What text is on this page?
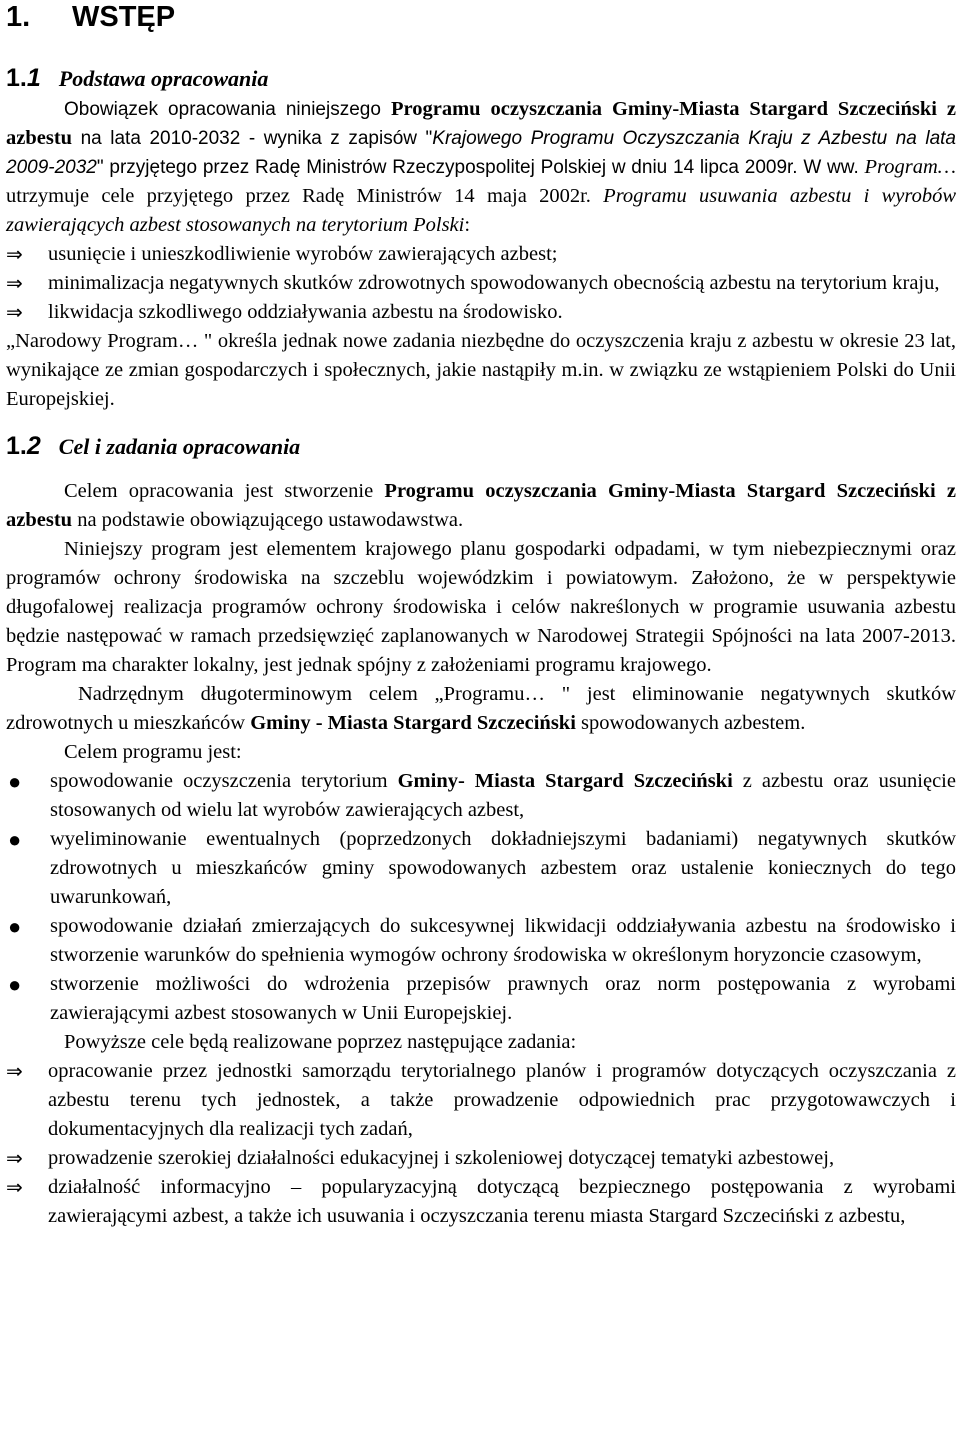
1. WSTĘP
1.1 Podstawa opracowania

Obowiązek opracowania niniejszego Programu oczyszczania Gminy-Miasta Stargard Szczeciński z azbestu na lata 2010-2032 - wynika z zapisów "Krajowego Programu Oczyszczania Kraju z Azbestu na lata 2009-2032" przyjętego przez Radę Ministrów Rzeczypospolitej Polskiej w dniu 14 lipca 2009r. W ww. Program… utrzymuje cele przyjętego przez Radę Ministrów 14 maja 2002r. Programu usuwania azbestu i wyrobów zawierających azbest stosowanych na terytorium Polski:

⇒	usunięcie i unieszkodliwienie wyrobów zawierających azbest;
⇒	minimalizacja negatywnych skutków zdrowotnych spowodowanych obecnością azbestu na terytorium kraju,
⇒	likwidacja szkodliwego oddziaływania azbestu na środowisko.

„Narodowy Program… " określa jednak nowe zadania niezbędne do oczyszczenia kraju z azbestu w okresie 23 lat, wynikające ze zmian gospodarczych i społecznych, jakie nastąpiły m.in. w związku ze wstąpieniem Polski do Unii Europejskiej.

1.2 Cel i zadania opracowania

Celem opracowania jest stworzenie Programu oczyszczania Gminy-Miasta Stargard Szczeciński z azbestu na podstawie obowiązującego ustawodawstwa.

Niniejszy program jest elementem krajowego planu gospodarki odpadami, w tym niebezpiecznymi oraz programów ochrony środowiska na szczeblu wojewódzkim i powiatowym. Założono, że w perspektywie długofalowej realizacja programów ochrony środowiska i celów nakreślonych w programie usuwania azbestu będzie następować w ramach przedsięwzięć zaplanowanych w Narodowej Strategii Spójności na lata 2007-2013. Program ma charakter lokalny, jest jednak spójny z założeniami programu krajowego.

Nadrzędnym długoterminowym celem „Programu… " jest eliminowanie negatywnych skutków zdrowotnych u mieszkańców Gminy - Miasta Stargard Szczeciński spowodowanych azbestem.

Celem programu jest:

●	spowodowanie oczyszczenia terytorium Gminy- Miasta Stargard Szczeciński z azbestu oraz usunięcie stosowanych od wielu lat wyrobów zawierających azbest,
●	wyeliminowanie ewentualnych (poprzedzonych dokładniejszymi badaniami) negatywnych skutków zdrowotnych u mieszkańców gminy spowodowanych azbestem oraz ustalenie koniecznych do tego uwarunkowań,
●	spowodowanie działań zmierzających do sukcesywnej likwidacji oddziaływania azbestu na środowisko i stworzenie warunków do spełnienia wymogów ochrony środowiska w określonym horyzoncie czasowym,
●	stworzenie możliwości do wdrożenia przepisów prawnych oraz norm postępowania z wyrobami zawierającymi azbest stosowanych w Unii Europejskiej.

Powyższe cele będą realizowane poprzez następujące zadania:

⇒	opracowanie przez jednostki samorządu terytorialnego planów i programów dotyczących oczyszczania z azbestu terenu tych jednostek, a także prowadzenie odpowiednich prac przygotowawczych i dokumentacyjnych dla realizacji tych zadań,
⇒	prowadzenie szerokiej działalności edukacyjnej i szkoleniowej dotyczącej tematyki azbestowej,
⇒	działalność informacyjno – popularyzacyjną dotyczącą bezpiecznego postępowania z wyrobami zawierającymi azbest, a także ich usuwania i oczyszczania terenu miasta Stargard Szczeciński z azbestu,
